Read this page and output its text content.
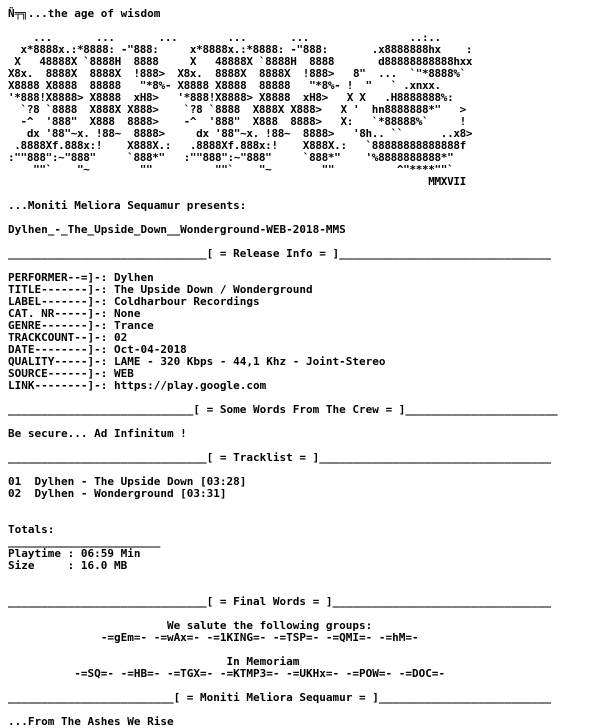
Ñ╤╗...the age of wisdom
...       ...       ...        ...       ...                ..:..
x*8888x.:*8888: -"888:     x*8888x.:*8888: -"888:       .x8888888hx    :
X   48888X `8888H  8888     X   48888X `8888H  8888       d88888888888hxx
X8x.  8888X  8888X  !888>  X8x.  8888X  8888X  !888>   8"  ...  `"*8888%`
X8888 X8888  88888   "*8%- X8888 X8888  88888   "*8%- !  "   ` .xnxx.
'*888!X8888> X8888  xH8>   '*888!X8888> X8888  xH8>   X X   .H8888888%:
`?8 `8888  X888X X888>    `?8 `8888  X888X X888>   X '  hn8888888*"   >
-^  '888"  X888  8888>    -^  '888"  X888  8888>   X:   `*88888%`     !
dx '88"~x. !88~  8888>     dx '88"~x. !88~  8888>   '8h.. ``      ..x8>
.8888Xf.888x:!    X888X.:   .8888Xf.888x:!    X888X.:   `88888888888888f
:""888":~"888"     `888*"   :""888":~"888"     `888*"    '%8888888888*"
""`    "~        ""          ""`    "~        ""          ^"****""`
MMXVII
...Moniti Meliora Sequamur presents:
Dylhen_-_The_Upside_Down__Wonderground-WEB-2018-MMS
______________________________[ = Release Info = ]________________________________
PERFORMER--=]-: Dylhen
TITLE-------]-: The Upside Down / Wonderground
LABEL-------]-: Coldharbour Recordings
CAT. NR-----]-: None
GENRE-------]-: Trance
TRACKCOUNT--]-: 02
DATE--------]-: Oct-04-2018
QUALITY-----]-: LAME - 320 Kbps - 44,1 Khz - Joint-Stereo
SOURCE------]-: WEB
LINK--------]-: https://play.google.com
____________________________[ = Some Words From The Crew = ]_______________________
Be secure... Ad Infinitum !
______________________________[ = Tracklist = ]___________________________________
01  Dylhen - The Upside Down [03:28]
02  Dylhen - Wonderground [03:31]
Totals:
_______________________
Playtime : 06:59 Min
Size     : 16.0 MB
______________________________[ = Final Words = ]_________________________________
We salute the following groups:
-=gEm=- -=wAx=- -=1KING=- -=TSP=- -=QMI=- -=hM=-
In Memoriam
-=SQ=- -=HB=- -=TGX=- -=KTMP3=- -=UKHx=- -=POW=- -=DOC=-
_________________________[ = Moniti Meliora Sequamur = ]__________________________
...From The Ashes We Rise
